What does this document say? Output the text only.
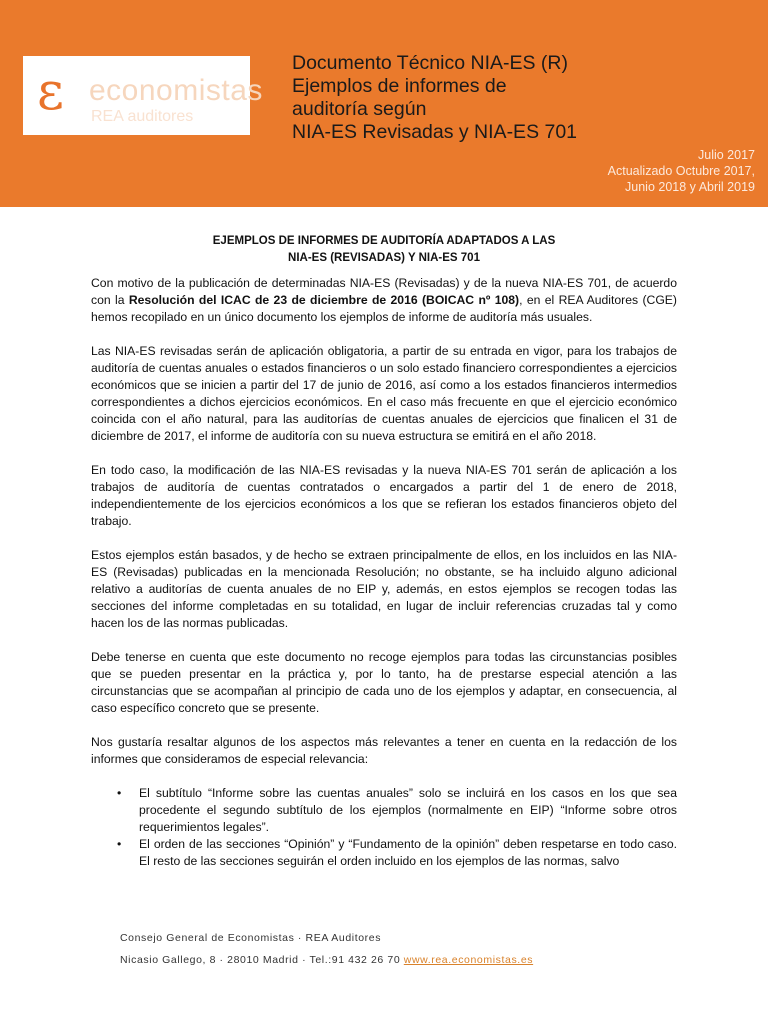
ε economistas
REA auditores
Documento Técnico NIA-ES (R)
Ejemplos de informes de
auditoría según
NIA-ES Revisadas y NIA-ES 701
Julio 2017
Actualizado Octubre 2017,
Junio 2018 y Abril 2019
EJEMPLOS DE INFORMES DE AUDITORÍA ADAPTADOS A LAS
NIA-ES (REVISADAS) Y NIA-ES 701

Con motivo de la publicación de determinadas NIA-ES (Revisadas) y de la nueva NIA-ES 701, de acuerdo con la Resolución del ICAC de 23 de diciembre de 2016 (BOICAC nº 108), en el REA Auditores (CGE) hemos recopilado en un único documento los ejemplos de informe de auditoría más usuales.

Las NIA-ES revisadas serán de aplicación obligatoria, a partir de su entrada en vigor, para los trabajos de auditoría de cuentas anuales o estados financieros o un solo estado financiero correspondientes a ejercicios económicos que se inicien a partir del 17 de junio de 2016, así como a los estados financieros intermedios correspondientes a dichos ejercicios económicos. En el caso más frecuente en que el ejercicio económico coincida con el año natural, para las auditorías de cuentas anuales de ejercicios que finalicen el 31 de diciembre de 2017, el informe de auditoría con su nueva estructura se emitirá en el año 2018.

En todo caso, la modificación de las NIA-ES revisadas y la nueva NIA-ES 701 serán de aplicación a los trabajos de auditoría de cuentas contratados o encargados a partir del 1 de enero de 2018, independientemente de los ejercicios económicos a los que se refieran los estados financieros objeto del trabajo.

Estos ejemplos están basados, y de hecho se extraen principalmente de ellos, en los incluidos en las NIA-ES (Revisadas) publicadas en la mencionada Resolución; no obstante, se ha incluido alguno adicional relativo a auditorías de cuenta anuales de no EIP y, además, en estos ejemplos se recogen todas las secciones del informe completadas en su totalidad, en lugar de incluir referencias cruzadas tal y como hacen los de las normas publicadas.

Debe tenerse en cuenta que este documento no recoge ejemplos para todas las circunstancias posibles que se pueden presentar en la práctica y, por lo tanto, ha de prestarse especial atención a las circunstancias que se acompañan al principio de cada uno de los ejemplos y adaptar, en consecuencia, al caso específico concreto que se presente.

Nos gustaría resaltar algunos de los aspectos más relevantes a tener en cuenta en la redacción de los informes que consideramos de especial relevancia:

• El subtítulo “Informe sobre las cuentas anuales” solo se incluirá en los casos en los que sea procedente el segundo subtítulo de los ejemplos (normalmente en EIP) “Informe sobre otros requerimientos legales”.
• El orden de las secciones “Opinión” y “Fundamento de la opinión” deben respetarse en todo caso. El resto de las secciones seguirán el orden incluido en los ejemplos de las normas, salvo
Consejo General de Economistas · REA Auditores
Nicasio Gallego, 8 · 28010 Madrid · Tel.:91 432 26 70 www.rea.economistas.es
